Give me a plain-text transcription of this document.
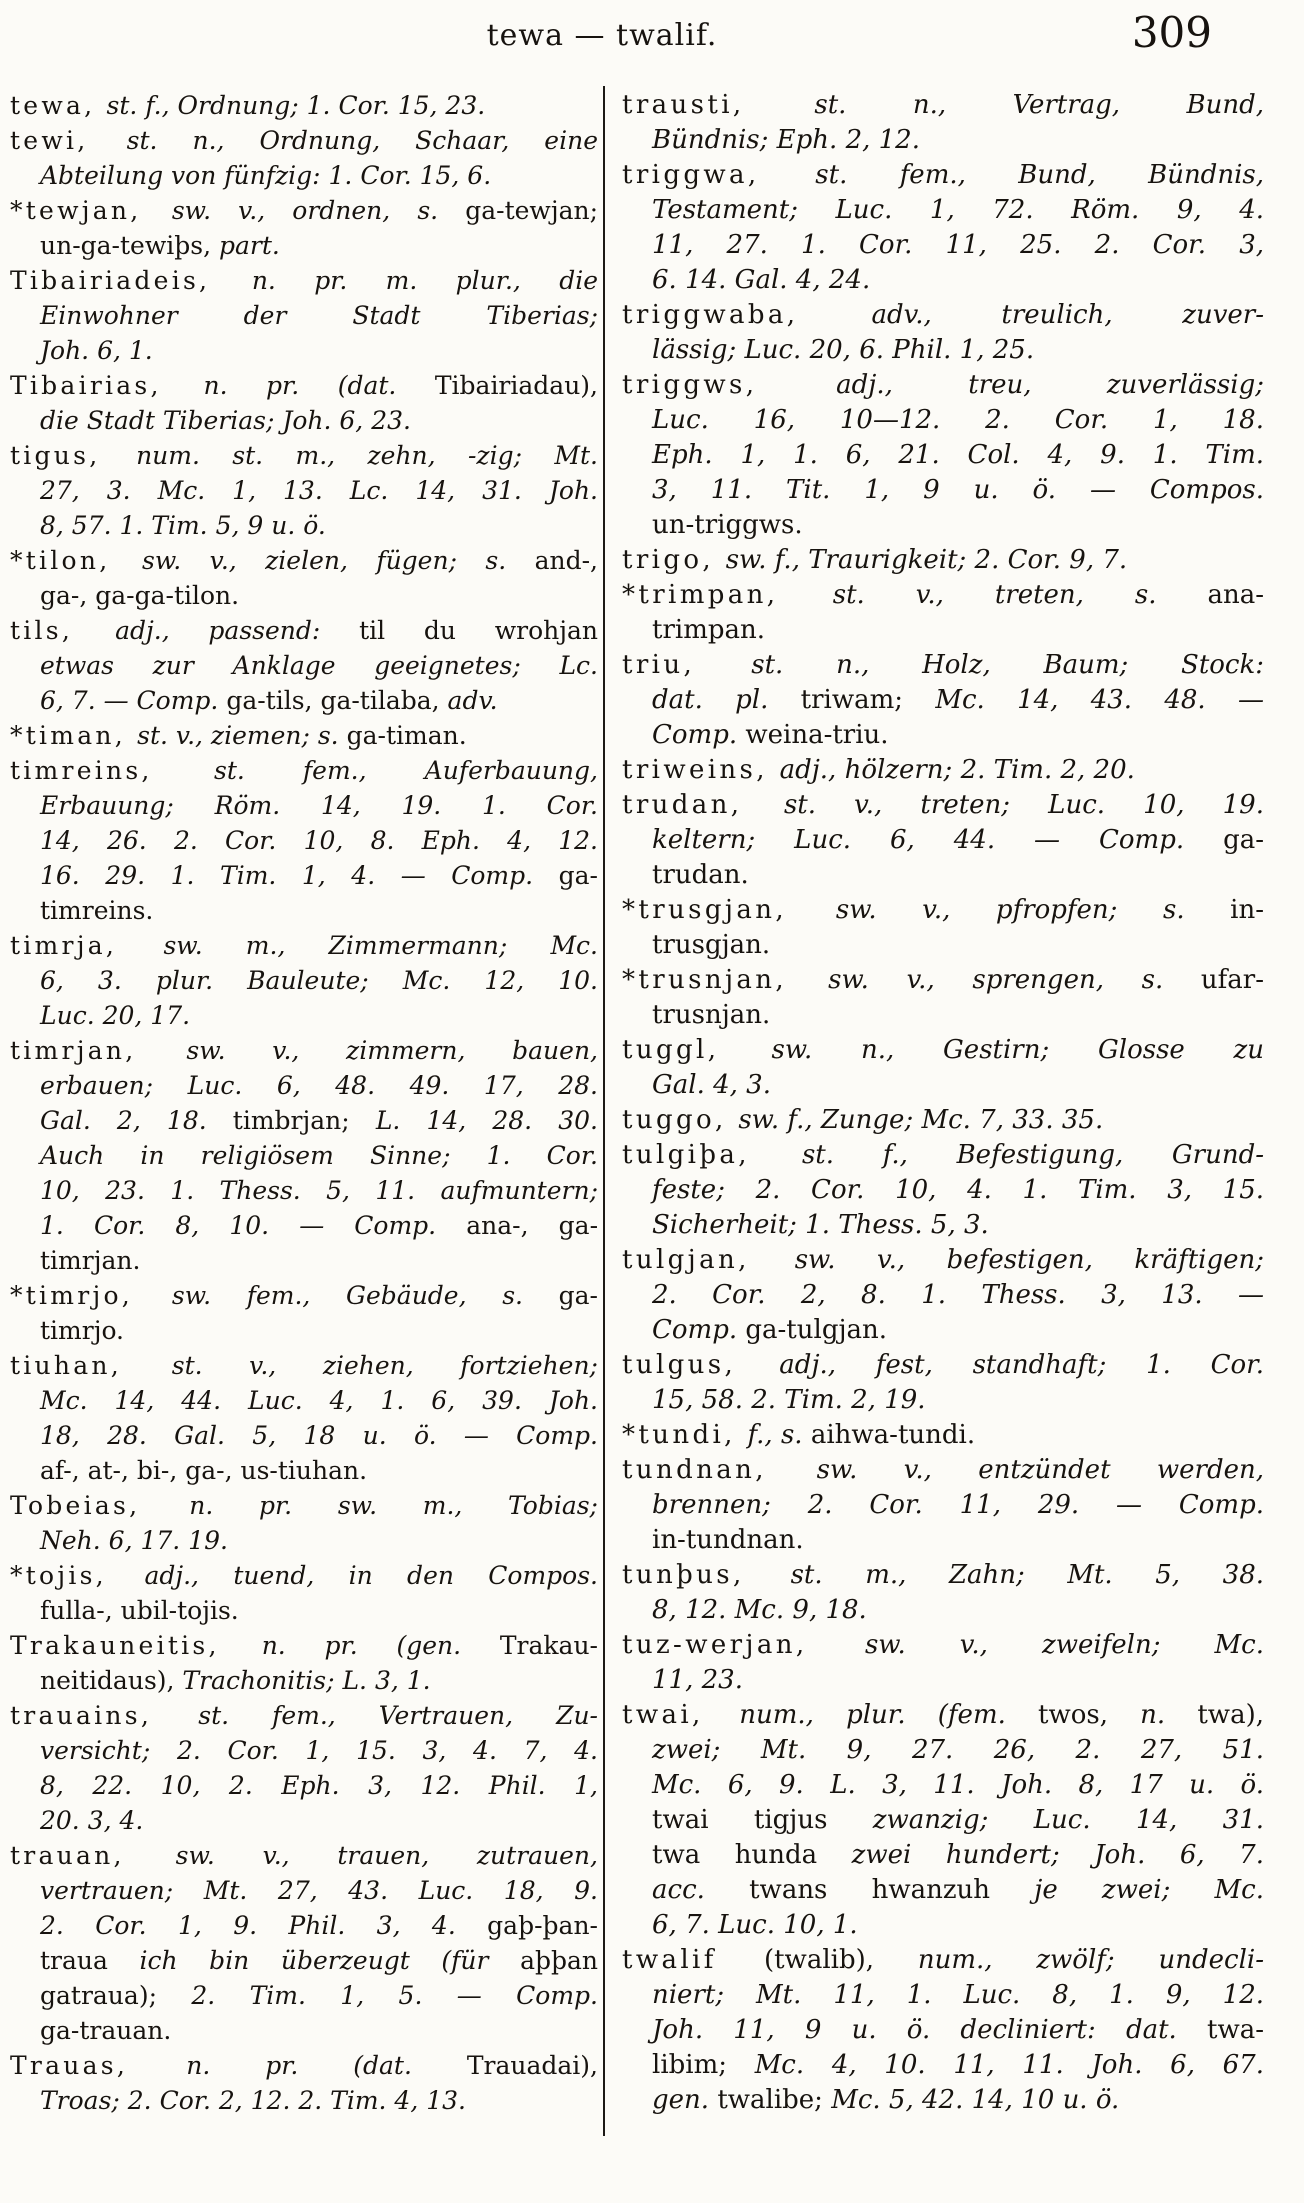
tewa — twalif.	309
tewa, st. f., Ordnung; 1. Cor. 15, 23.
tewi, st. n., Ordnung, Schaar, eine
Abteilung von fünfzig: 1. Cor. 15, 6.
*tewjan, sw. v., ordnen, s. ga-tewjan;
un-ga-tewiþs, part.
Tibairiadeis, n. pr. m. plur., die
Einwohner der Stadt Tiberias;
Joh. 6, 1.
Tibairias, n. pr. (dat. Tibairiadau),
die Stadt Tiberias; Joh. 6, 23.
tigus, num. st. m., zehn, -zig; Mt.
27, 3. Mc. 1, 13. Lc. 14, 31. Joh.
8, 57. 1. Tim. 5, 9 u. ö.
*tilon, sw. v., zielen, fügen; s. and-,
ga-, ga-ga-tilon.
tils, adj., passend: til du wrohjan
etwas zur Anklage geeignetes; Lc.
6, 7. — Comp. ga-tils, ga-tilaba, adv.
*timan, st. v., ziemen; s. ga-timan.
timreins, st. fem., Auferbauung,
Erbauung; Röm. 14, 19. 1. Cor.
14, 26. 2. Cor. 10, 8. Eph. 4, 12.
16. 29. 1. Tim. 1, 4. — Comp. ga-
timreins.
timrja, sw. m., Zimmermann; Mc.
6, 3. plur. Bauleute; Mc. 12, 10.
Luc. 20, 17.
timrjan, sw. v., zimmern, bauen,
erbauen; Luc. 6, 48. 49. 17, 28.
Gal. 2, 18. timbrjan; L. 14, 28. 30.
Auch in religiösem Sinne; 1. Cor.
10, 23. 1. Thess. 5, 11. aufmuntern;
1. Cor. 8, 10. — Comp. ana-, ga-
timrjan.
*timrjo, sw. fem., Gebäude, s. ga-
timrjo.
tiuhan, st. v., ziehen, fortziehen;
Mc. 14, 44. Luc. 4, 1. 6, 39. Joh.
18, 28. Gal. 5, 18 u. ö. — Comp.
af-, at-, bi-, ga-, us-tiuhan.
Tobeias, n. pr. sw. m., Tobias;
Neh. 6, 17. 19.
*tojis, adj., tuend, in den Compos.
fulla-, ubil-tojis.
Trakauneitis, n. pr. (gen. Trakau-
neitidaus), Trachonitis; L. 3, 1.
trauains, st. fem., Vertrauen, Zu-
versicht; 2. Cor. 1, 15. 3, 4. 7, 4.
8, 22. 10, 2. Eph. 3, 12. Phil. 1,
20. 3, 4.
trauan, sw. v., trauen, zutrauen,
vertrauen; Mt. 27, 43. Luc. 18, 9.
2. Cor. 1, 9. Phil. 3, 4. gaþ-þan-
traua ich bin überzeugt (für aþþan
gatraua); 2. Tim. 1, 5. — Comp.
ga-trauan.
Trauas, n. pr. (dat. Trauadai),
Troas; 2. Cor. 2, 12. 2. Tim. 4, 13.
trausti, st. n., Vertrag, Bund,
Bündnis; Eph. 2, 12.
triggwa, st. fem., Bund, Bündnis,
Testament; Luc. 1, 72. Röm. 9, 4.
11, 27. 1. Cor. 11, 25. 2. Cor. 3,
6. 14. Gal. 4, 24.
triggwaba, adv., treulich, zuver-
lässig; Luc. 20, 6. Phil. 1, 25.
triggws, adj., treu, zuverlässig;
Luc. 16, 10—12. 2. Cor. 1, 18.
Eph. 1, 1. 6, 21. Col. 4, 9. 1. Tim.
3, 11. Tit. 1, 9 u. ö. — Compos.
un-triggws.
trigo, sw. f., Traurigkeit; 2. Cor. 9, 7.
*trimpan, st. v., treten, s. ana-
trimpan.
triu, st. n., Holz, Baum; Stock:
dat. pl. triwam; Mc. 14, 43. 48. —
Comp. weina-triu.
triweins, adj., hölzern; 2. Tim. 2, 20.
trudan, st. v., treten; Luc. 10, 19.
keltern; Luc. 6, 44. — Comp. ga-
trudan.
*trusgjan, sw. v., pfropfen; s. in-
trusgjan.
*trusnjan, sw. v., sprengen, s. ufar-
trusnjan.
tuggl, sw. n., Gestirn; Glosse zu
Gal. 4, 3.
tuggo, sw. f., Zunge; Mc. 7, 33. 35.
tulgiþa, st. f., Befestigung, Grund-
feste; 2. Cor. 10, 4. 1. Tim. 3, 15.
Sicherheit; 1. Thess. 5, 3.
tulgjan, sw. v., befestigen, kräftigen;
2. Cor. 2, 8. 1. Thess. 3, 13. —
Comp. ga-tulgjan.
tulgus, adj., fest, standhaft; 1. Cor.
15, 58. 2. Tim. 2, 19.
*tundi, f., s. aihwa-tundi.
tundnan, sw. v., entzündet werden,
brennen; 2. Cor. 11, 29. — Comp.
in-tundnan.
tunþus, st. m., Zahn; Mt. 5, 38.
8, 12. Mc. 9, 18.
tuz-werjan, sw. v., zweifeln; Mc.
11, 23.
twai, num., plur. (fem. twos, n. twa),
zwei; Mt. 9, 27. 26, 2. 27, 51.
Mc. 6, 9. L. 3, 11. Joh. 8, 17 u. ö.
twai tigjus zwanzig; Luc. 14, 31.
twa hunda zwei hundert; Joh. 6, 7.
acc. twans hwanzuh je zwei; Mc.
6, 7. Luc. 10, 1.
twalif (twalib), num., zwölf; undecli-
niert; Mt. 11, 1. Luc. 8, 1. 9, 12.
Joh. 11, 9 u. ö. decliniert: dat. twa-
libim; Mc. 4, 10. 11, 11. Joh. 6, 67.
gen. twalibe; Mc. 5, 42. 14, 10 u. ö.
